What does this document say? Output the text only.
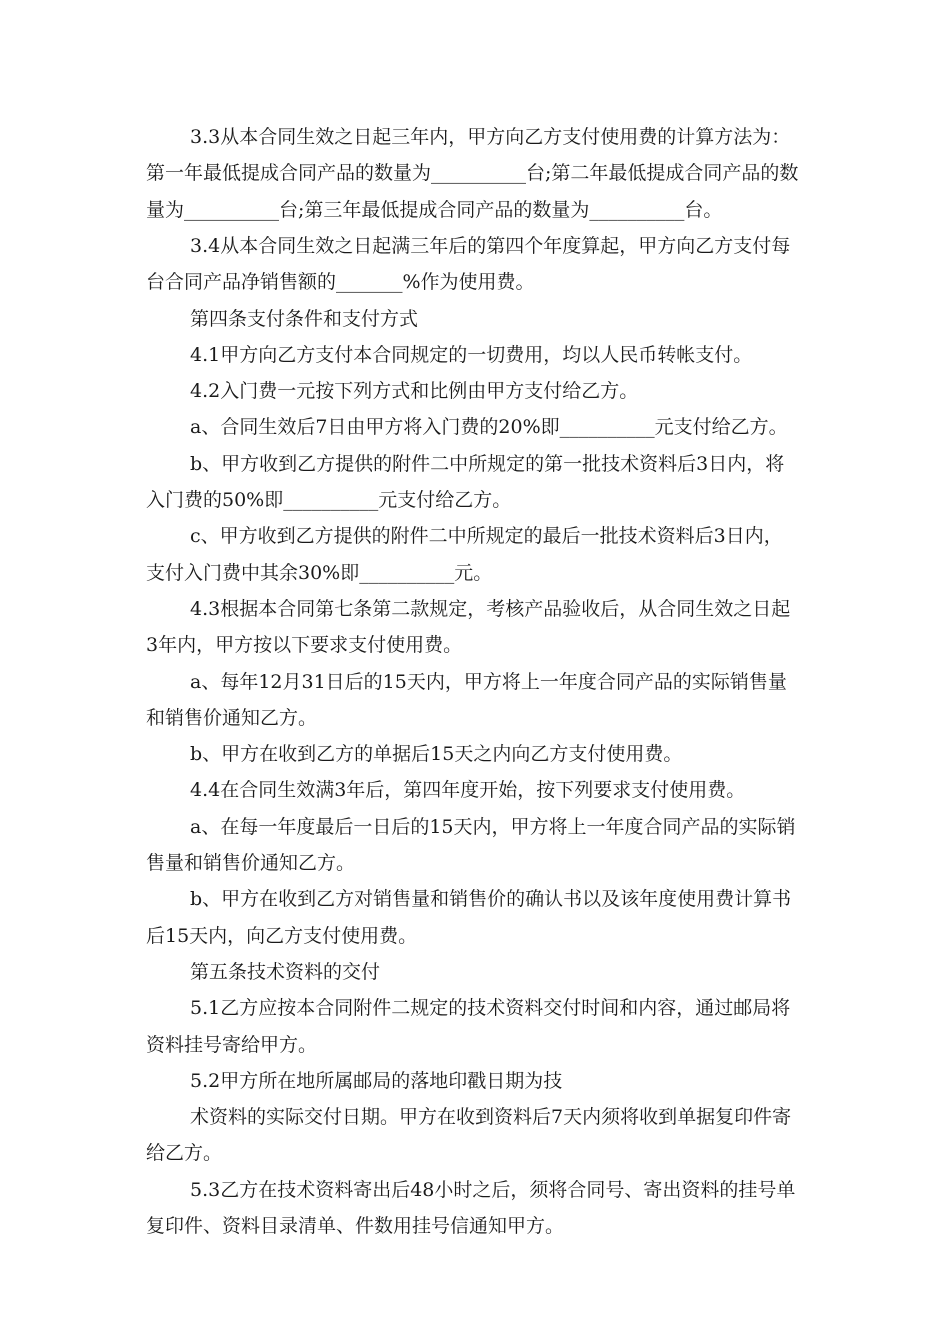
3.3从本合同生效之日起三年内，甲方向乙方支付使用费的计算方法为：
第一年最低提成合同产品的数量为__________台;第二年最低提成合同产品的数
量为__________台;第三年最低提成合同产品的数量为__________台。
3.4从本合同生效之日起满三年后的第四个年度算起，甲方向乙方支付每
台合同产品净销售额的_______%作为使用费。
第四条支付条件和支付方式
4.1甲方向乙方支付本合同规定的一切费用，均以人民币转帐支付。
4.2入门费一元按下列方式和比例由甲方支付给乙方。
a、合同生效后7日由甲方将入门费的20%即__________元支付给乙方。
b、甲方收到乙方提供的附件二中所规定的第一批技术资料后3日内，将
入门费的50%即__________元支付给乙方。
c、甲方收到乙方提供的附件二中所规定的最后一批技术资料后3日内，
支付入门费中其余30%即__________元。
4.3根据本合同第七条第二款规定，考核产品验收后，从合同生效之日起
3年内，甲方按以下要求支付使用费。
a、每年12月31日后的15天内，甲方将上一年度合同产品的实际销售量
和销售价通知乙方。
b、甲方在收到乙方的单据后15天之内向乙方支付使用费。
4.4在合同生效满3年后，第四年度开始，按下列要求支付使用费。
a、在每一年度最后一日后的15天内，甲方将上一年度合同产品的实际销
售量和销售价通知乙方。
b、甲方在收到乙方对销售量和销售价的确认书以及该年度使用费计算书
后15天内，向乙方支付使用费。
第五条技术资料的交付
5.1乙方应按本合同附件二规定的技术资料交付时间和内容，通过邮局将
资料挂号寄给甲方。
5.2甲方所在地所属邮局的落地印戳日期为技
术资料的实际交付日期。甲方在收到资料后7天内须将收到单据复印件寄
给乙方。
5.3乙方在技术资料寄出后48小时之后，须将合同号、寄出资料的挂号单
复印件、资料目录清单、件数用挂号信通知甲方。
